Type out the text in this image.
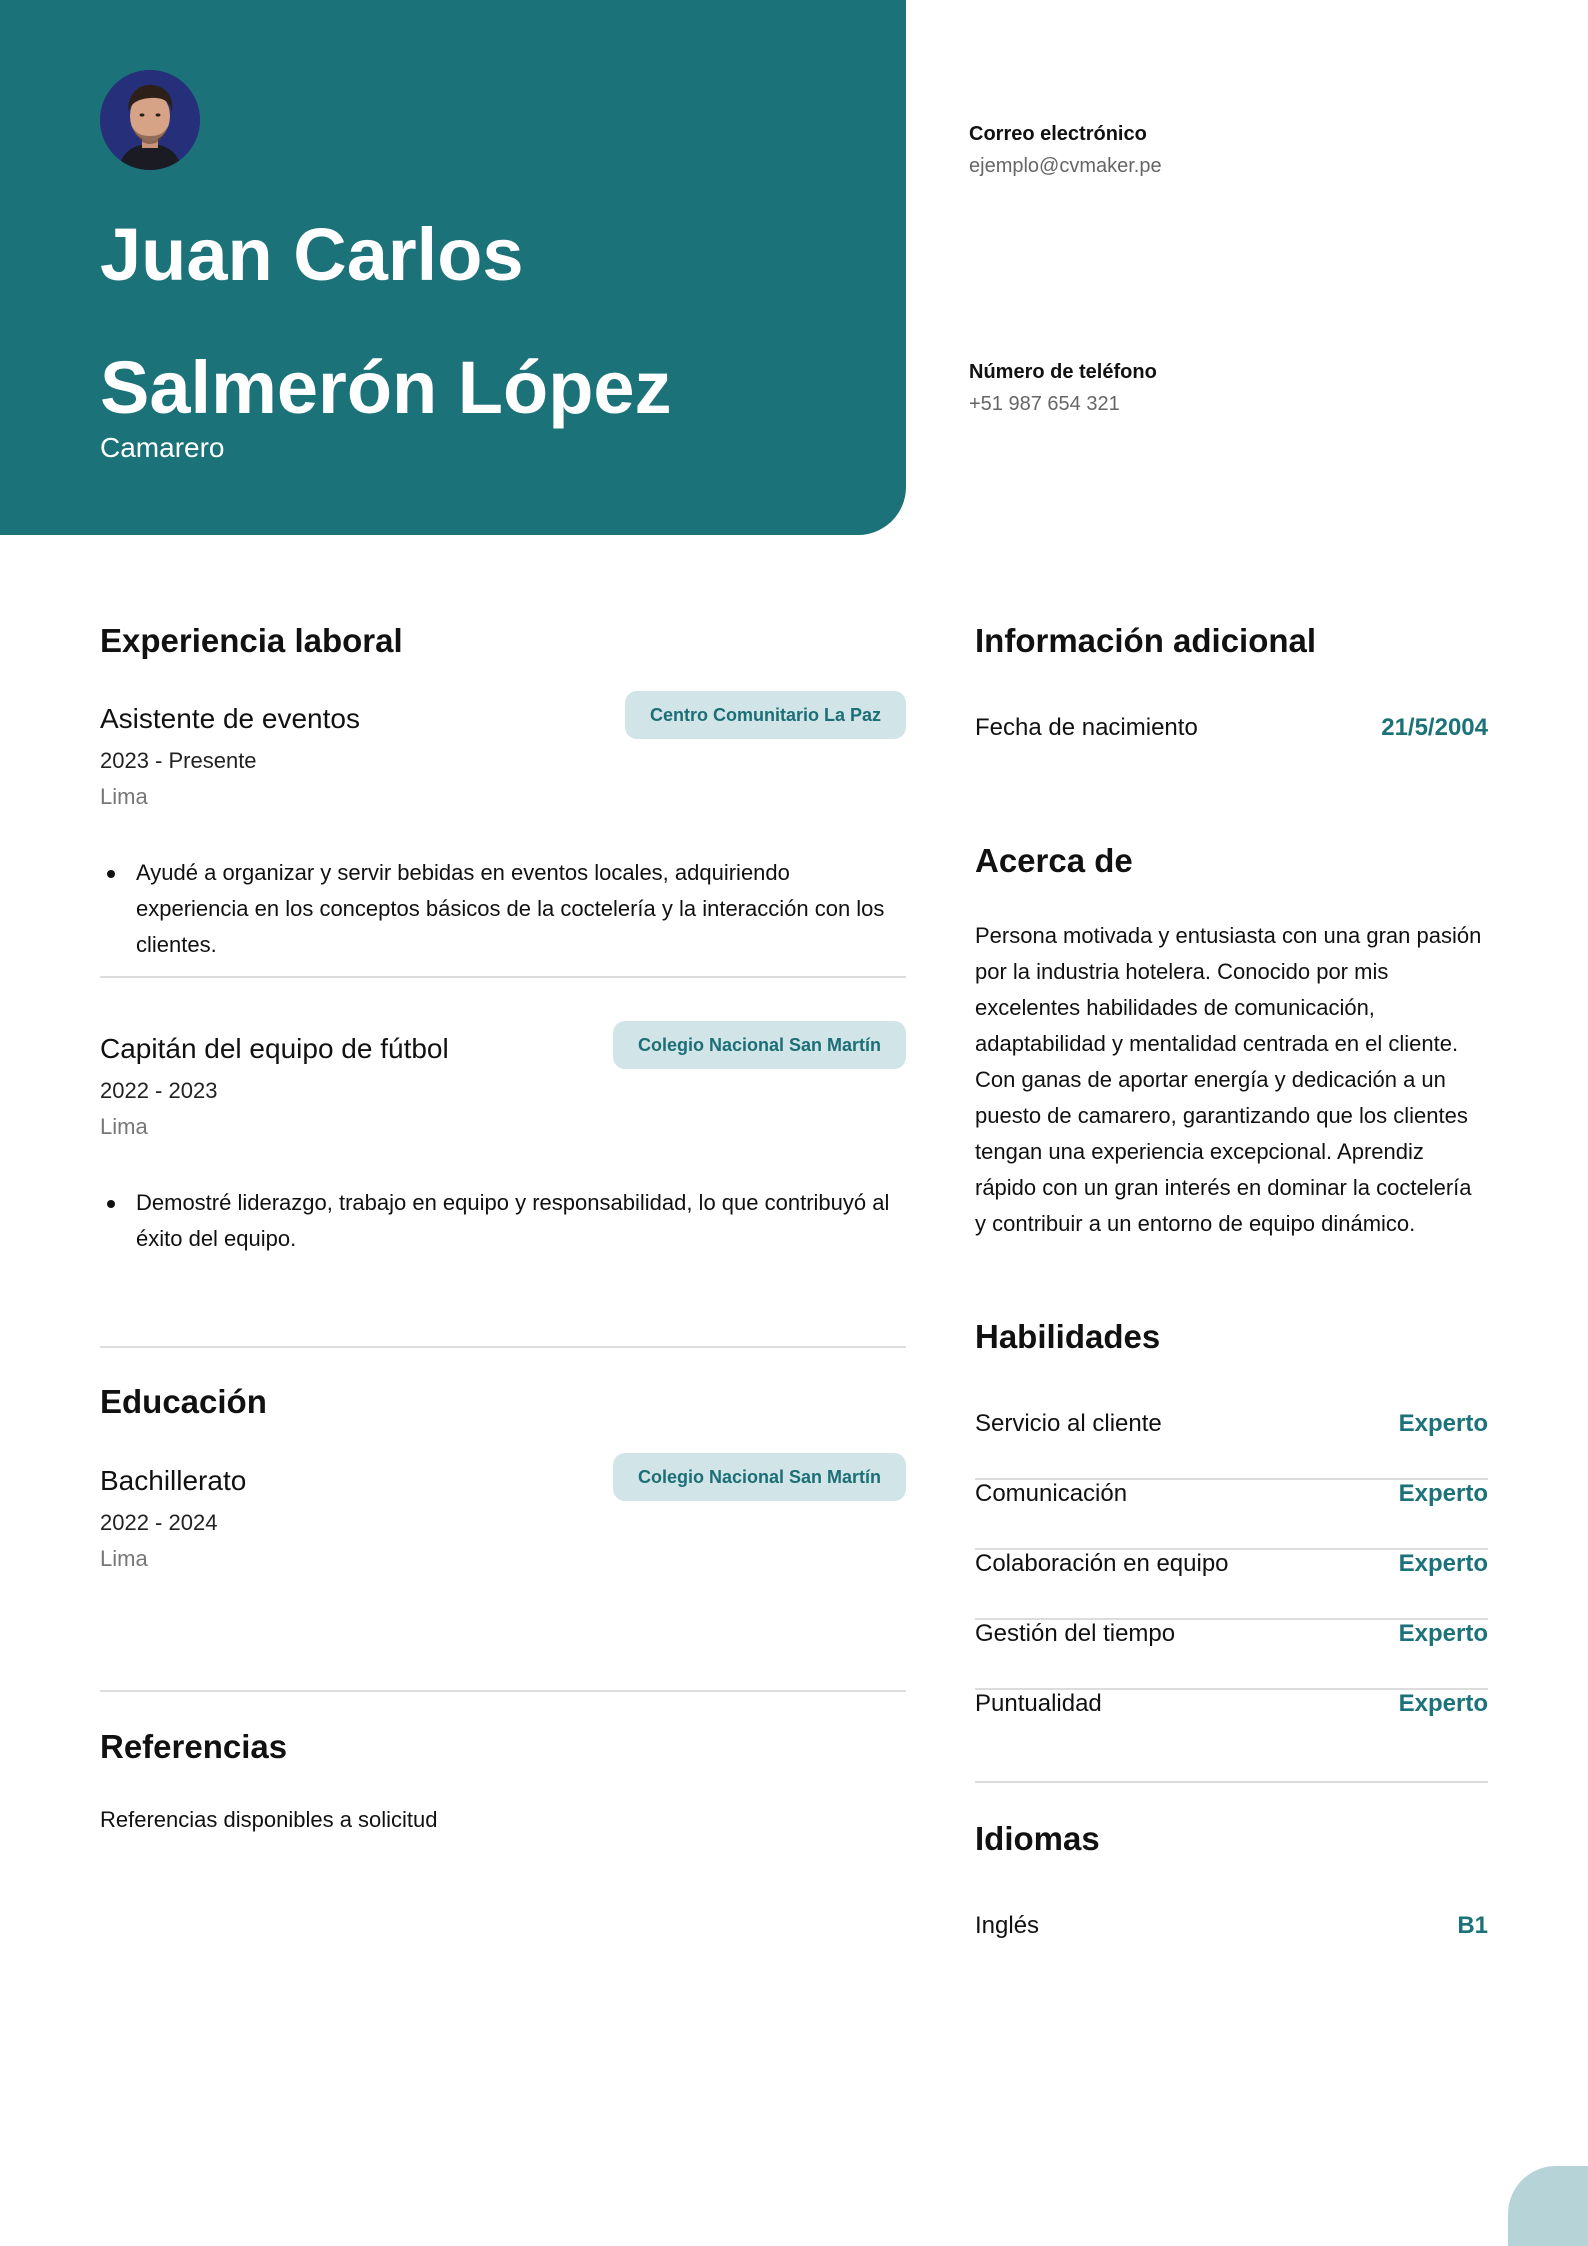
Juan Carlos Salmerón López
Camarero
Correo electrónico
ejemplo@cvmaker.pe
Número de teléfono
+51 987 654 321
Experiencia laboral
Asistente de eventos	Centro Comunitario La Paz
2023 - Presente
Lima
Ayudé a organizar y servir bebidas en eventos locales, adquiriendo experiencia en los conceptos básicos de la coctelería y la interacción con los clientes.
Capitán del equipo de fútbol	Colegio Nacional San Martín
2022 - 2023
Lima
Demostré liderazgo, trabajo en equipo y responsabilidad, lo que contribuyó al éxito del equipo.
Educación
Bachillerato	Colegio Nacional San Martín
2022 - 2024
Lima
Referencias
Referencias disponibles a solicitud
Información adicional
Fecha de nacimiento	21/5/2004
Acerca de
Persona motivada y entusiasta con una gran pasión por la industria hotelera. Conocido por mis excelentes habilidades de comunicación, adaptabilidad y mentalidad centrada en el cliente. Con ganas de aportar energía y dedicación a un puesto de camarero, garantizando que los clientes tengan una experiencia excepcional. Aprendiz rápido con un gran interés en dominar la coctelería y contribuir a un entorno de equipo dinámico.
Habilidades
Servicio al cliente	Experto
Comunicación	Experto
Colaboración en equipo	Experto
Gestión del tiempo	Experto
Puntualidad	Experto
Idiomas
Inglés	B1
